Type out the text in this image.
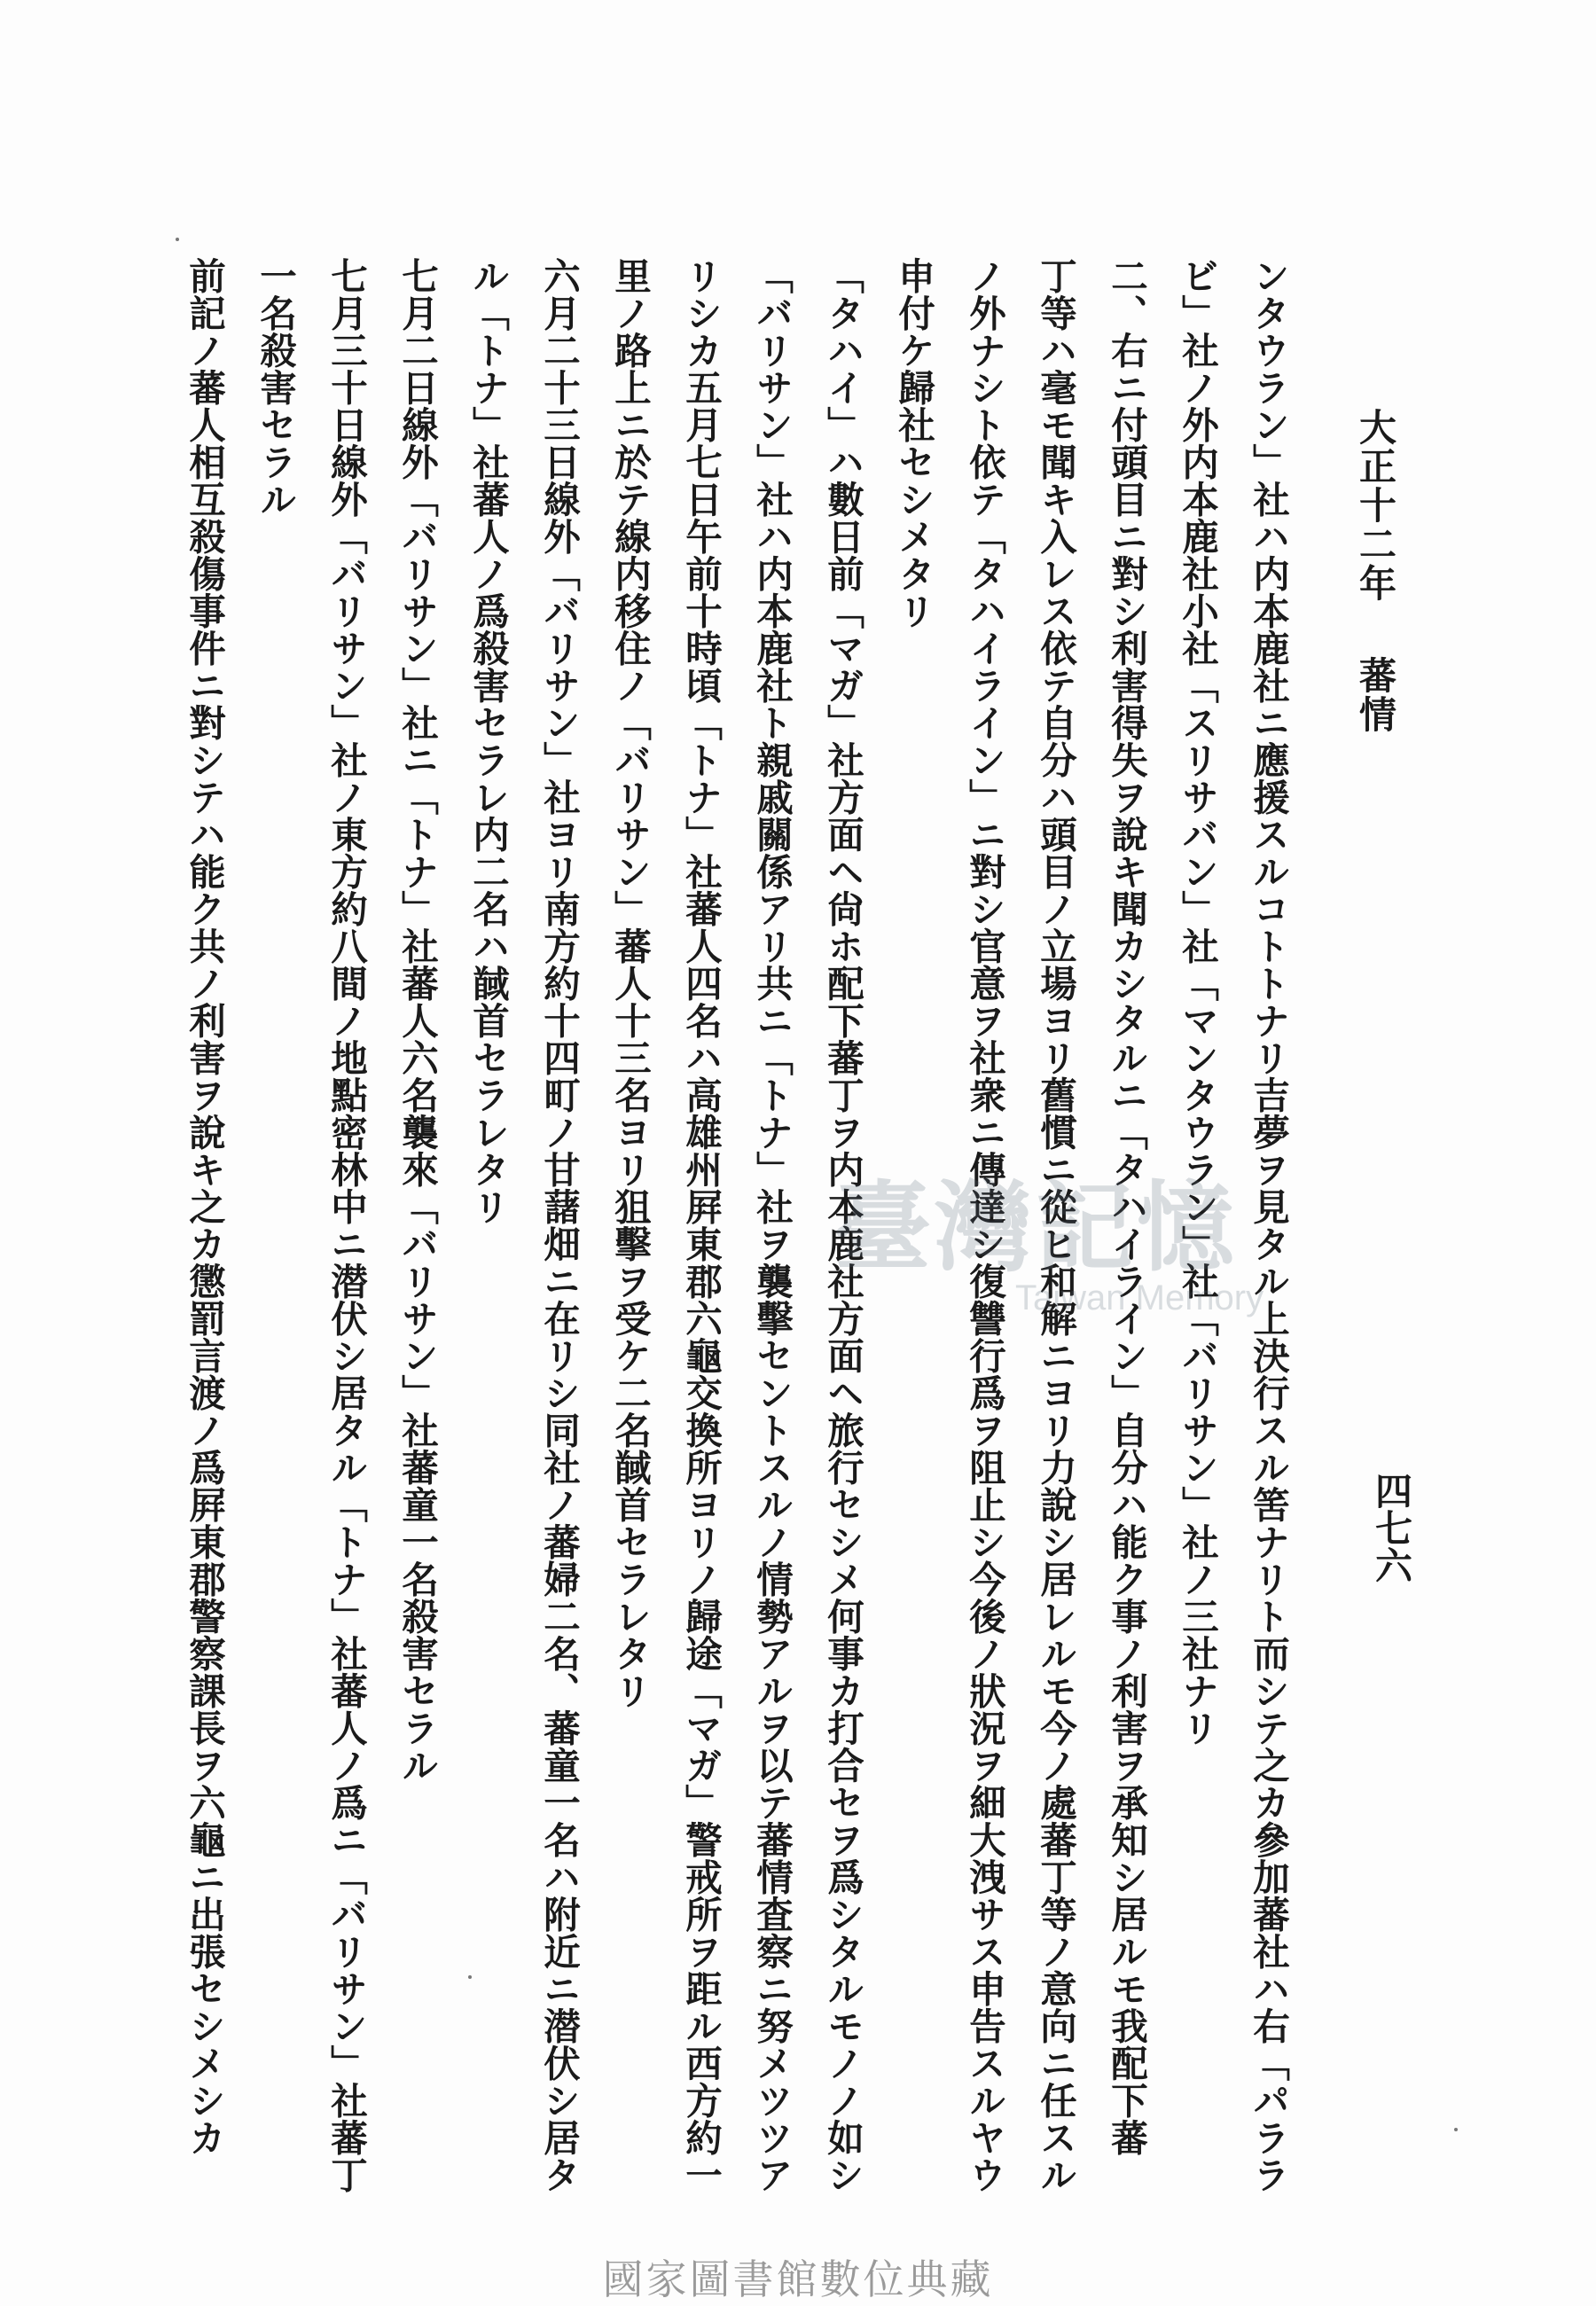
大正十二年蕃情
四七六
ンタウラン」社ハ内本鹿社ニ應援スルコトトナリ吉夢ヲ見タル上決行スル筈ナリト而シテ之カ參加蕃社ハ右「パララ
ビ」社ノ外内本鹿社小社「スリサバン」社「マンタウラン」社「バリサン」社ノ三社ナリ
二、右ニ付頭目ニ對シ利害得失ヲ說キ聞カシタルニ「タハイライン」自分ハ能ク事ノ利害ヲ承知シ居ルモ我配下蕃
丁等ハ毫モ聞キ入レス依テ自分ハ頭目ノ立場ヨリ舊慣ニ從ヒ和解ニヨリ力說シ居レルモ今ノ處蕃丁等ノ意向ニ任スル
ノ外ナシト依テ「タハイライン」ニ對シ官意ヲ社衆ニ傳達シ復讐行爲ヲ阻止シ今後ノ狀況ヲ細大洩サス申告スルヤウ
申付ケ歸社セシメタリ
「タハイ」ハ數日前「マガ」社方面ヘ尙ホ配下蕃丁ヲ内本鹿社方面ヘ旅行セシメ何事カ打合セヲ爲シタルモノノ如シ
「バリサン」社ハ内本鹿社ト親戚關係アリ共ニ「トナ」社ヲ襲擊セントスルノ情勢アルヲ以テ蕃情査察ニ努メツツア
リシカ五月七日午前十時頃「トナ」社蕃人四名ハ高雄州屛東郡六龜交換所ヨリノ歸途「マガ」警戒所ヲ距ル西方約一
里ノ路上ニ於テ線内移住ノ「バリサン」蕃人十三名ヨリ狙擊ヲ受ケ二名馘首セラレタリ
六月二十三日線外「バリサン」社ヨリ南方約十四町ノ甘藷畑ニ在リシ同社ノ蕃婦二名、蕃童一名ハ附近ニ潜伏シ居タ
ル「トナ」社蕃人ノ爲殺害セラレ内二名ハ馘首セラレタリ
七月二日線外「バリサン」社ニ「トナ」社蕃人六名襲來「バリサン」社蕃童一名殺害セラル
七月三十日線外「バリサン」社ノ東方約八間ノ地點密林中ニ潜伏シ居タル「トナ」社蕃人ノ爲ニ「バリサン」社蕃丁
一名殺害セラル
前記ノ蕃人相互殺傷事件ニ對シテハ能ク共ノ利害ヲ說キ之カ懲罰言渡ノ爲屛東郡警察課長ヲ六龜ニ出張セシメシカ	臺灣記憶
Taiwan Memory
國家圖書館數位典藏
